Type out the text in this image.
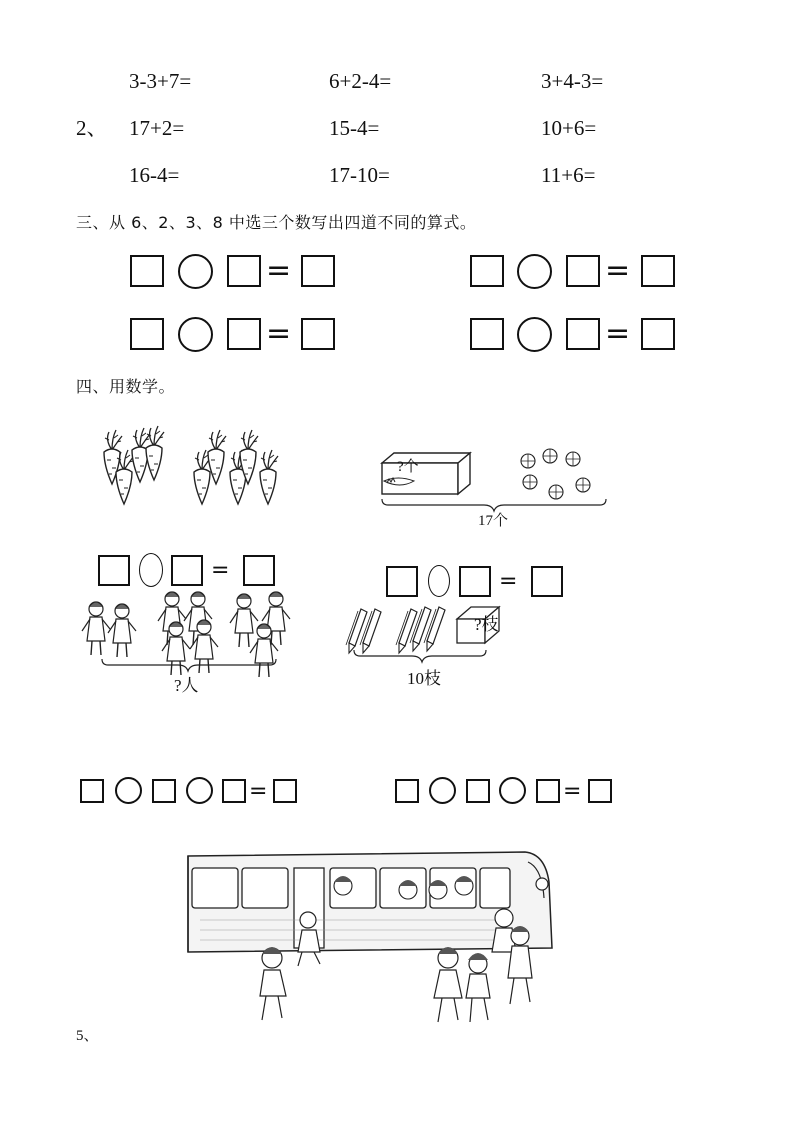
3-3+7=	6+2-4=	3+4-3=
2、 17+2=	15-4=	10+6=
16-4=	17-10=	11+6=
三、从 6、2、3、8 中选三个数写出四道不同的算式。
=	=
=	=
四、用数学。
?个
17个
=	=
?人
?枝
10枝
=	=
5、
